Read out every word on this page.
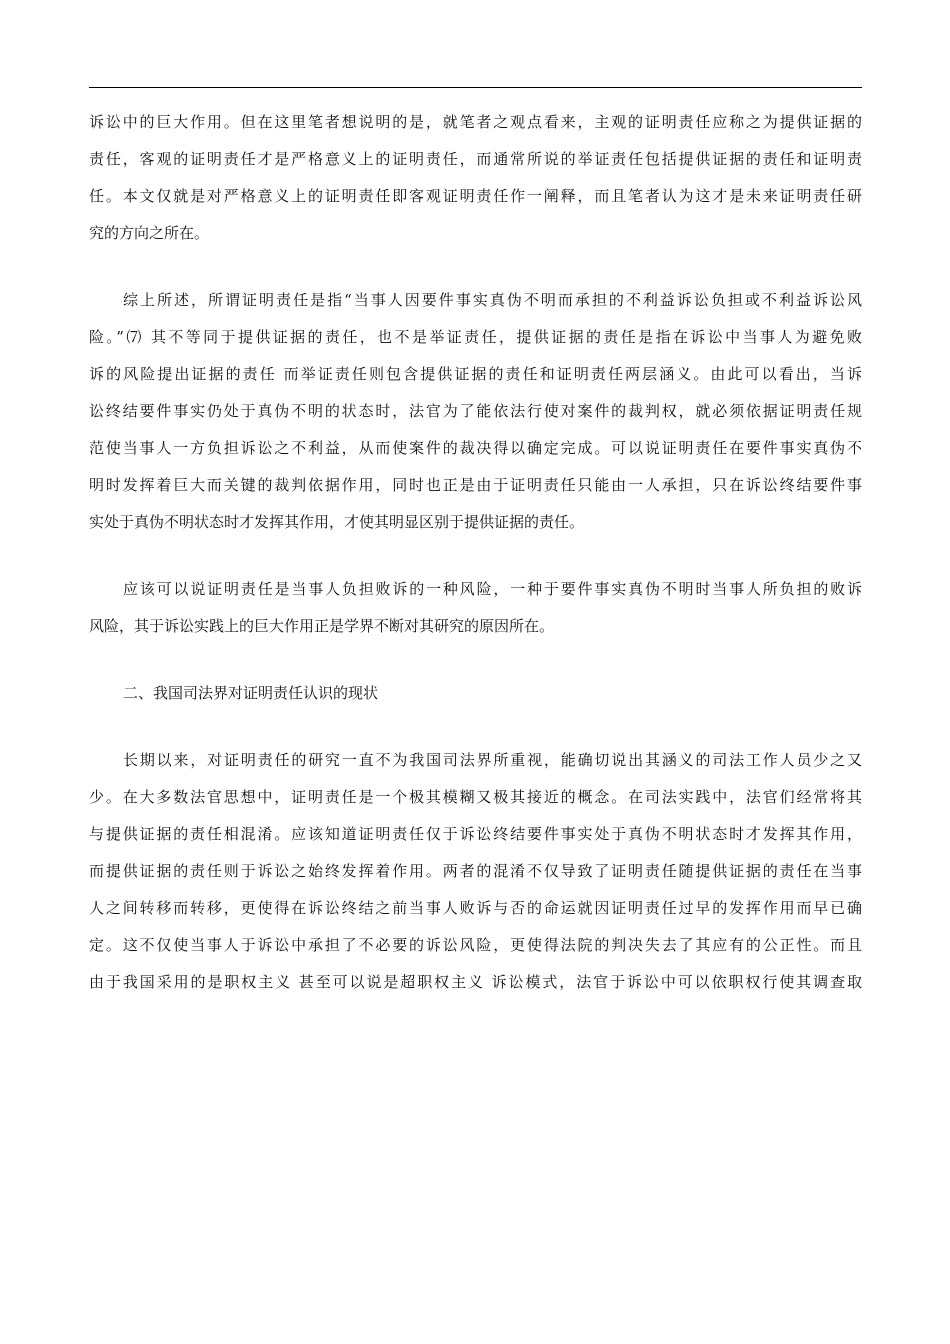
诉讼中的巨大作用。但在这里笔者想说明的是，就笔者之观点看来，主观的证明责任应称之为提供证据的
责任，客观的证明责任才是严格意义上的证明责任，而通常所说的举证责任包括提供证据的责任和证明责
任。本文仅就是对严格意义上的证明责任即客观证明责任作一阐释，而且笔者认为这才是未来证明责任研
究的方向之所在。
综上所述，所谓证明责任是指“当事人因要件事实真伪不明而承担的不利益诉讼负担或不利益诉讼风
险。”⑺ 其不等同于提供证据的责任，也不是举证责任，提供证据的责任是指在诉讼中当事人为避免败
诉的风险提出证据的责任 而举证责任则包含提供证据的责任和证明责任两层涵义。由此可以看出，当诉
讼终结要件事实仍处于真伪不明的状态时，法官为了能依法行使对案件的裁判权，就必须依据证明责任规
范使当事人一方负担诉讼之不利益，从而使案件的裁决得以确定完成。可以说证明责任在要件事实真伪不
明时发挥着巨大而关键的裁判依据作用，同时也正是由于证明责任只能由一人承担，只在诉讼终结要件事
实处于真伪不明状态时才发挥其作用，才使其明显区别于提供证据的责任。
应该可以说证明责任是当事人负担败诉的一种风险，一种于要件事实真伪不明时当事人所负担的败诉
风险，其于诉讼实践上的巨大作用正是学界不断对其研究的原因所在。
二、我国司法界对证明责任认识的现状
长期以来，对证明责任的研究一直不为我国司法界所重视，能确切说出其涵义的司法工作人员少之又
少。在大多数法官思想中，证明责任是一个极其模糊又极其接近的概念。在司法实践中，法官们经常将其
与提供证据的责任相混淆。应该知道证明责任仅于诉讼终结要件事实处于真伪不明状态时才发挥其作用，
而提供证据的责任则于诉讼之始终发挥着作用。两者的混淆不仅导致了证明责任随提供证据的责任在当事
人之间转移而转移，更使得在诉讼终结之前当事人败诉与否的命运就因证明责任过早的发挥作用而早已确
定。这不仅使当事人于诉讼中承担了不必要的诉讼风险，更使得法院的判决失去了其应有的公正性。而且
由于我国采用的是职权主义 甚至可以说是超职权主义 诉讼模式，法官于诉讼中可以依职权行使其调查取
